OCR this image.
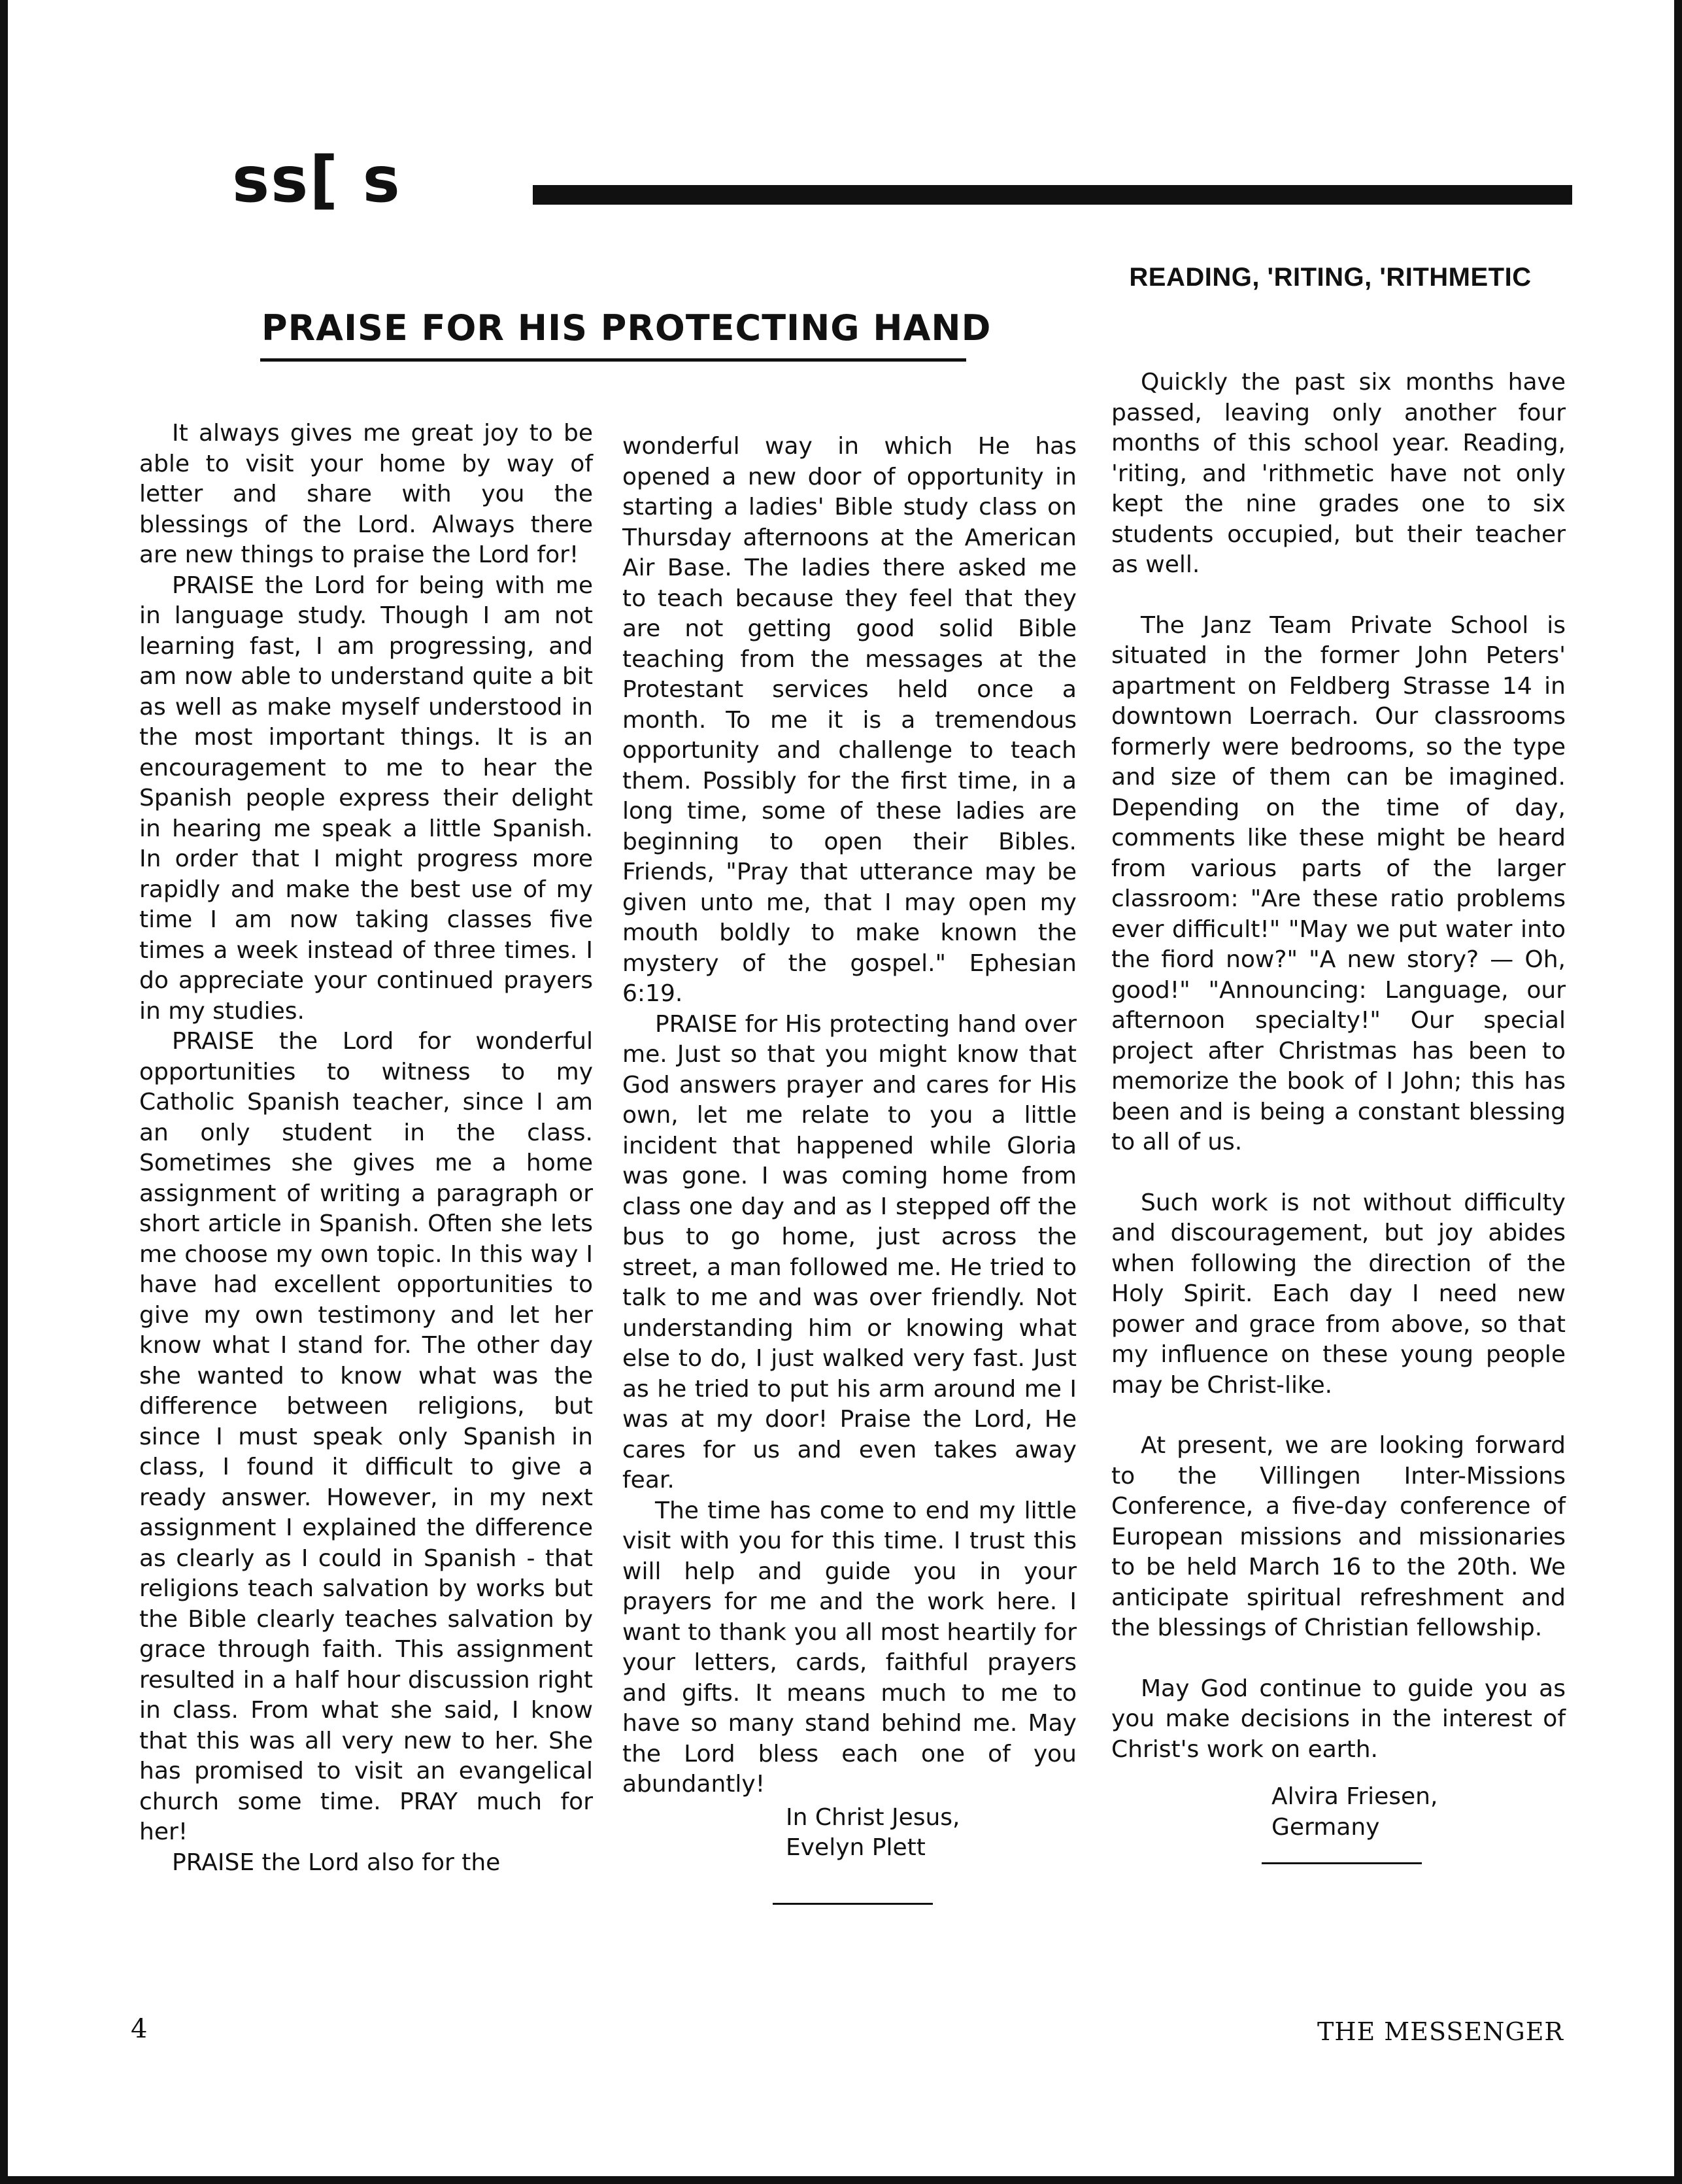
ss[ s
READING, 'RITING, 'RITHMETIC
PRAISE FOR HIS PROTECTING HAND

It always gives me great joy to be able to visit your home by way of letter and share with you the blessings of the Lord. Always there are new things to praise the Lord for!

PRAISE the Lord for being with me in language study. Though I am not learning fast, I am progressing, and am now able to understand quite a bit as well as make myself understood in the most important things. It is an encouragement to me to hear the Spanish people express their delight in hearing me speak a little Spanish. In order that I might progress more rapidly and make the best use of my time I am now taking classes five times a week instead of three times. I do appreciate your continued prayers in my studies.

PRAISE the Lord for wonderful opportunities to witness to my Catholic Spanish teacher, since I am an only student in the class. Sometimes she gives me a home assignment of writing a paragraph or short article in Spanish. Often she lets me choose my own topic. In this way I have had excellent opportunities to give my own testimony and let her know what I stand for. The other day she wanted to know what was the difference between religions, but since I must speak only Spanish in class, I found it difficult to give a ready answer. However, in my next assignment I explained the difference as clearly as I could in Spanish - that religions teach salvation by works but the Bible clearly teaches salvation by grace through faith. This assignment resulted in a half hour discussion right in class. From what she said, I know that this was all very new to her. She has promised to visit an evangelical church some time. PRAY much for her!

PRAISE the Lord also for the

wonderful way in which He has opened a new door of opportunity in starting a ladies' Bible study class on Thursday afternoons at the American Air Base. The ladies there asked me to teach because they feel that they are not getting good solid Bible teaching from the messages at the Protestant services held once a month. To me it is a tremendous opportunity and challenge to teach them. Possibly for the first time, in a long time, some of these ladies are beginning to open their Bibles. Friends, "Pray that utterance may be given unto me, that I may open my mouth boldly to make known the mystery of the gospel." Ephesian 6:19.

PRAISE for His protecting hand over me. Just so that you might know that God answers prayer and cares for His own, let me relate to you a little incident that happened while Gloria was gone. I was coming home from class one day and as I stepped off the bus to go home, just across the street, a man followed me. He tried to talk to me and was over friendly. Not understanding him or knowing what else to do, I just walked very fast. Just as he tried to put his arm around me I was at my door! Praise the Lord, He cares for us and even takes away fear.

The time has come to end my little visit with you for this time. I trust this will help and guide you in your prayers for me and the work here. I want to thank you all most heartily for your letters, cards, faithful prayers and gifts. It means much to me to have so many stand behind me. May the Lord bless each one of you abundantly!

In Christ Jesus,
Evelyn Plett

Quickly the past six months have passed, leaving only another four months of this school year. Reading, 'riting, and 'rithmetic have not only kept the nine grades one to six students occupied, but their teacher as well.

The Janz Team Private School is situated in the former John Peters' apartment on Feldberg Strasse 14 in downtown Loerrach. Our classrooms formerly were bedrooms, so the type and size of them can be imagined. Depending on the time of day, comments like these might be heard from various parts of the larger classroom: "Are these ratio problems ever difficult!" "May we put water into the fiord now?" "A new story? — Oh, good!" "Announcing: Language, our afternoon specialty!" Our special project after Christmas has been to memorize the book of I John; this has been and is being a constant blessing to all of us.

Such work is not without difficulty and discouragement, but joy abides when following the direction of the Holy Spirit. Each day I need new power and grace from above, so that my influence on these young people may be Christ-like.

At present, we are looking forward to the Villingen Inter-Missions Conference, a five-day conference of European missions and missionaries to be held March 16 to the 20th. We anticipate spiritual refreshment and the blessings of Christian fellowship.

May God continue to guide you as you make decisions in the interest of Christ's work on earth.

Alvira Friesen,
Germany
4	THE MESSENGER
